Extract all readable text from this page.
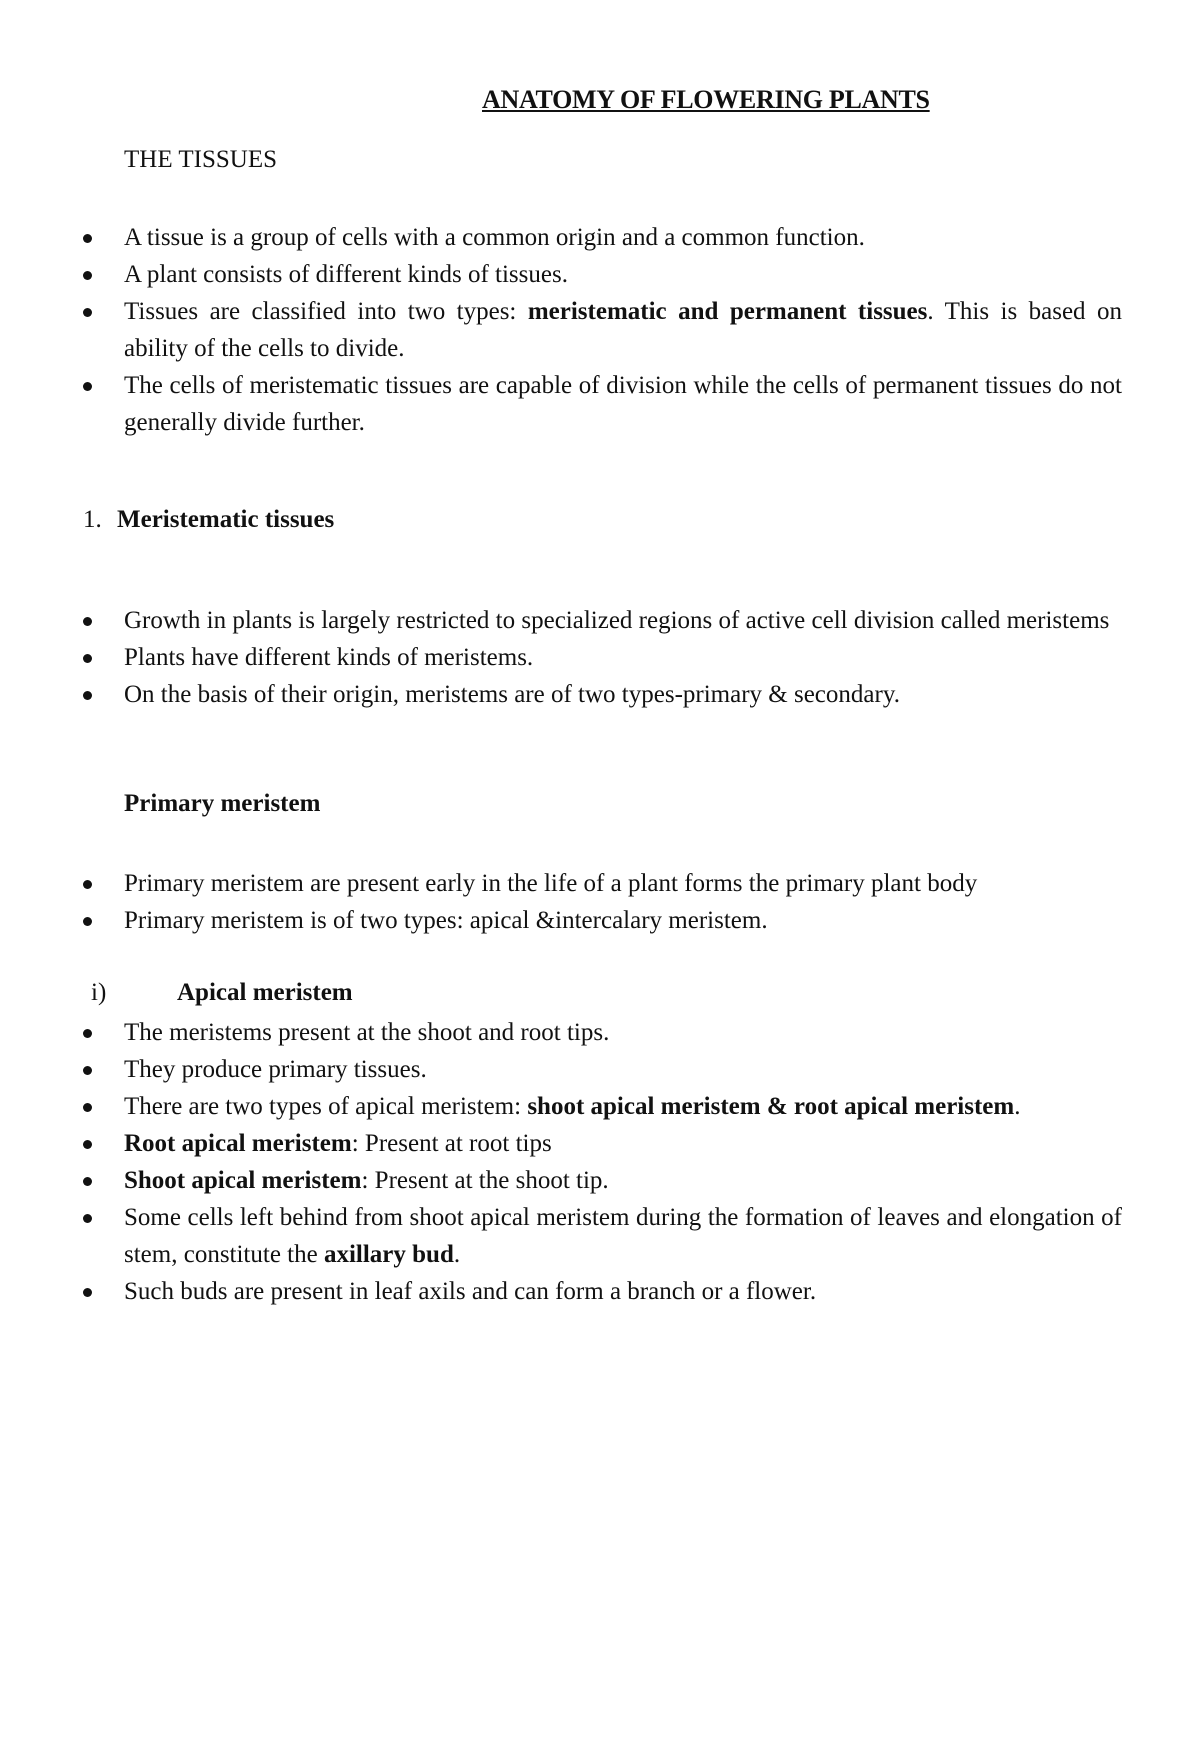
ANATOMY OF FLOWERING PLANTS
THE TISSUES
A tissue is a group of cells with a common origin and a common function.
A plant consists of different kinds of tissues.
Tissues are classified into two types: meristematic and permanent tissues. This is based on ability of the cells to divide.
The cells of meristematic tissues are capable of division while the cells of permanent tissues do not generally divide further.
1. Meristematic tissues
Growth in plants is largely restricted to specialized regions of active cell division called meristems
Plants have different kinds of meristems.
On the basis of their origin, meristems are of two types-primary & secondary.
Primary meristem
Primary meristem are present early in the life of a plant forms the primary plant body
Primary meristem is of two types: apical &intercalary meristem.
i)	Apical meristem
The meristems present at the shoot and root tips.
They produce primary tissues.
There are two types of apical meristem: shoot apical meristem & root apical meristem.
Root apical meristem: Present at root tips
Shoot apical meristem: Present at the shoot tip.
Some cells left behind from shoot apical meristem during the formation of leaves and elongation of stem, constitute the axillary bud.
Such buds are present in leaf axils and can form a branch or a flower.
